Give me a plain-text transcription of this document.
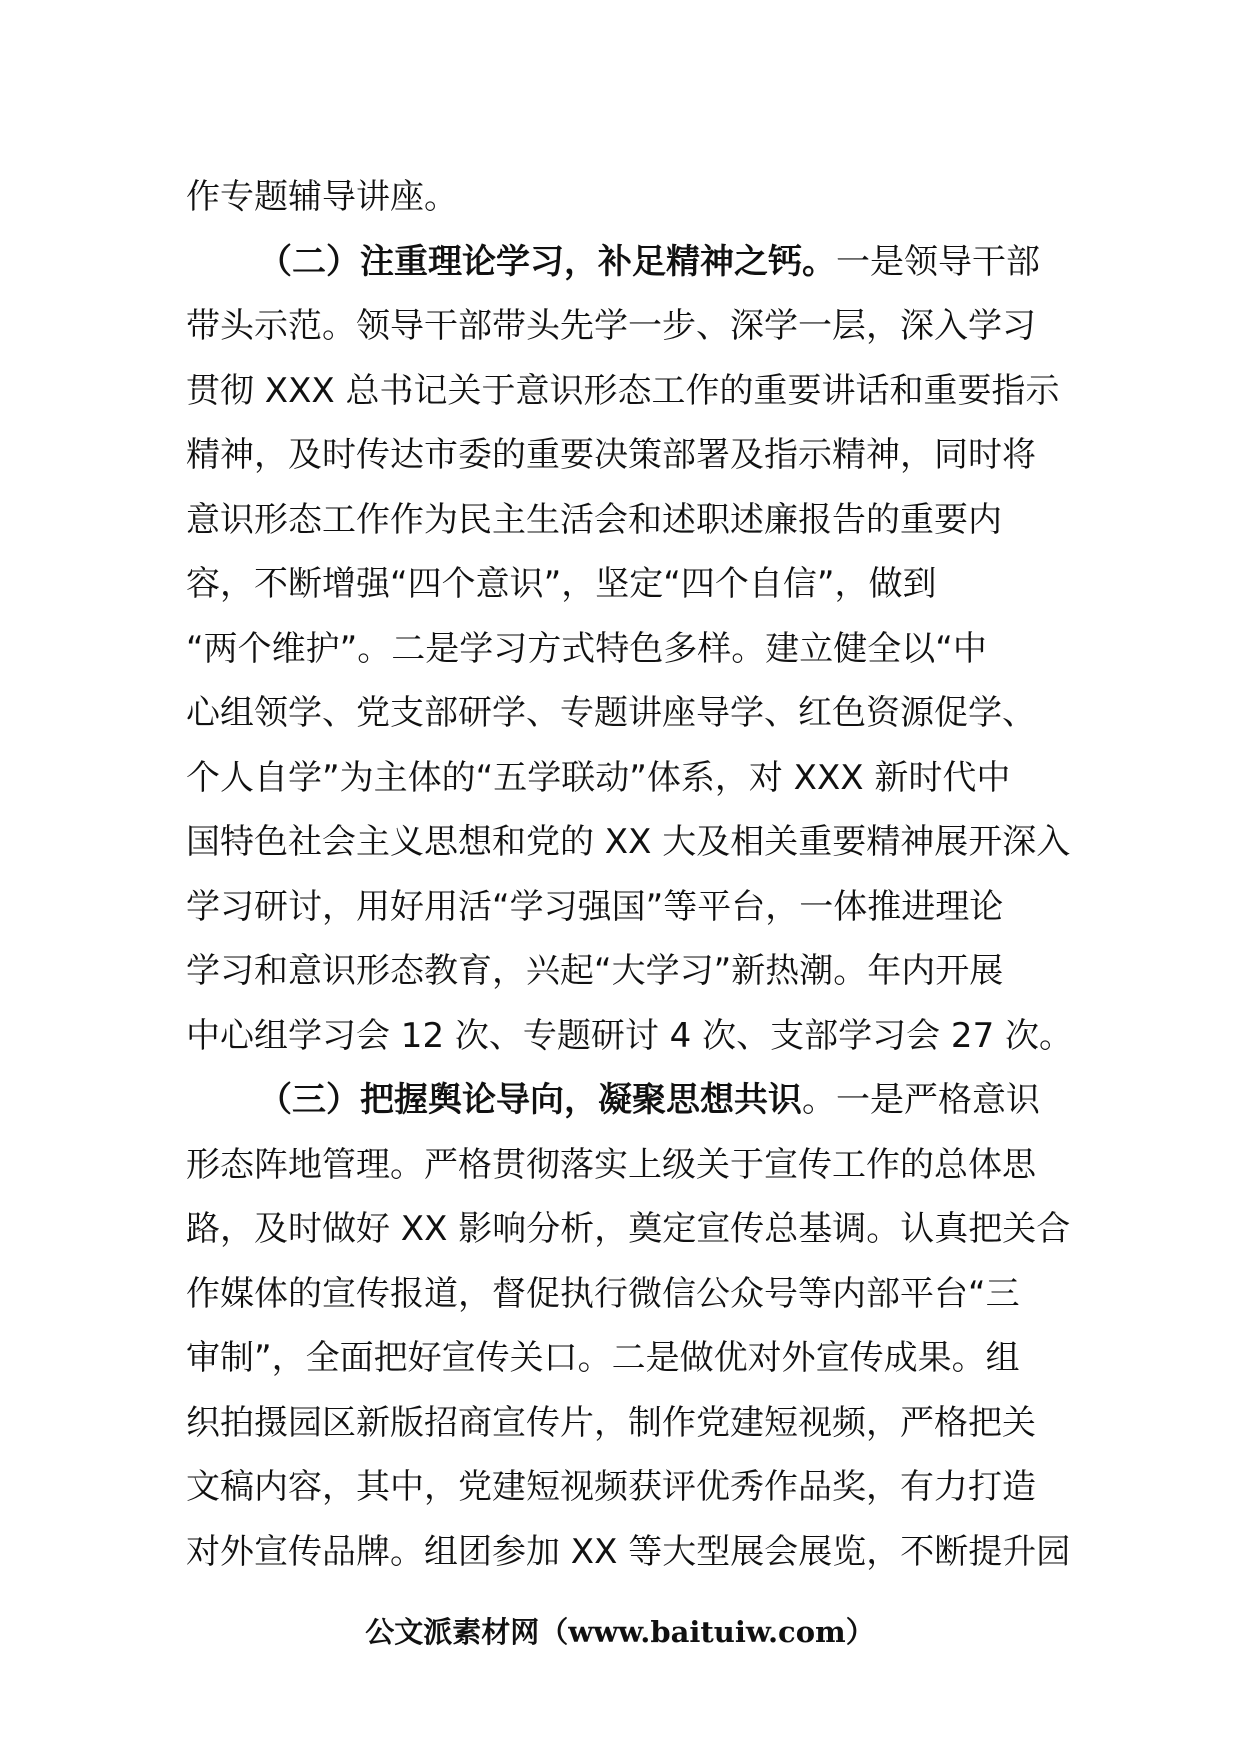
作专题辅导讲座。
（二）注重理论学习，补足精神之钙。一是领导干部
带头示范。领导干部带头先学一步、深学一层，深入学习
贯彻 XXX 总书记关于意识形态工作的重要讲话和重要指示
精神，及时传达市委的重要决策部署及指示精神，同时将
意识形态工作作为民主生活会和述职述廉报告的重要内
容，不断增强“四个意识”，坚定“四个自信”，做到
“两个维护”。二是学习方式特色多样。建立健全以“中
心组领学、党支部研学、专题讲座导学、红色资源促学、
个人自学”为主体的“五学联动”体系，对 XXX 新时代中
国特色社会主义思想和党的 XX 大及相关重要精神展开深入
学习研讨，用好用活“学习强国”等平台，一体推进理论
学习和意识形态教育，兴起“大学习”新热潮。年内开展
中心组学习会 12 次、专题研讨 4 次、支部学习会 27 次。
（三）把握舆论导向，凝聚思想共识。一是严格意识
形态阵地管理。严格贯彻落实上级关于宣传工作的总体思
路，及时做好 XX 影响分析，奠定宣传总基调。认真把关合
作媒体的宣传报道，督促执行微信公众号等内部平台“三
审制”，全面把好宣传关口。二是做优对外宣传成果。组
织拍摄园区新版招商宣传片，制作党建短视频，严格把关
文稿内容，其中，党建短视频获评优秀作品奖，有力打造
对外宣传品牌。组团参加 XX 等大型展会展览，不断提升园
公文派素材网（www.baituiw.com）
